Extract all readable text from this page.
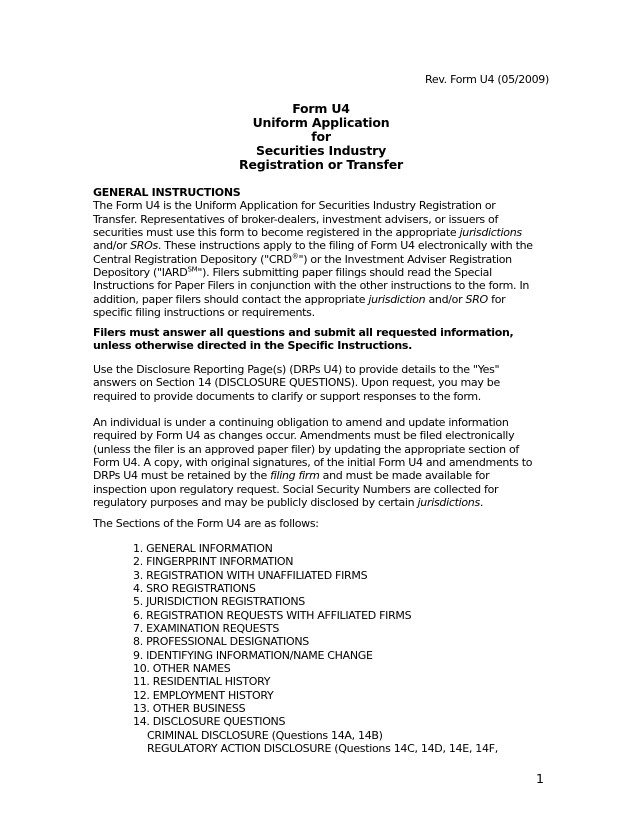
Rev. Form U4 (05/2009)
Form U4
Uniform Application
for
Securities Industry
Registration or Transfer
GENERAL INSTRUCTIONS
The Form U4 is the Uniform Application for Securities Industry Registration or
Transfer. Representatives of broker-dealers, investment advisers, or issuers of
securities must use this form to become registered in the appropriate jurisdictions
and/or SROs. These instructions apply to the filing of Form U4 electronically with the
Central Registration Depository ("CRD®") or the Investment Adviser Registration
Depository ("IARD℠"). Filers submitting paper filings should read the Special
Instructions for Paper Filers in conjunction with the other instructions to the form. In
addition, paper filers should contact the appropriate jurisdiction and/or SRO for
specific filing instructions or requirements.
Filers must answer all questions and submit all requested information,
unless otherwise directed in the Specific Instructions.
Use the Disclosure Reporting Page(s) (DRPs U4) to provide details to the "Yes"
answers on Section 14 (DISCLOSURE QUESTIONS). Upon request, you may be
required to provide documents to clarify or support responses to the form.
An individual is under a continuing obligation to amend and update information
required by Form U4 as changes occur. Amendments must be filed electronically
(unless the filer is an approved paper filer) by updating the appropriate section of
Form U4. A copy, with original signatures, of the initial Form U4 and amendments to
DRPs U4 must be retained by the filing firm and must be made available for
inspection upon regulatory request. Social Security Numbers are collected for
regulatory purposes and may be publicly disclosed by certain jurisdictions.
The Sections of the Form U4 are as follows:
1. GENERAL INFORMATION
2. FINGERPRINT INFORMATION
3. REGISTRATION WITH UNAFFILIATED FIRMS
4. SRO REGISTRATIONS
5. JURISDICTION REGISTRATIONS
6. REGISTRATION REQUESTS WITH AFFILIATED FIRMS
7. EXAMINATION REQUESTS
8. PROFESSIONAL DESIGNATIONS
9. IDENTIFYING INFORMATION/NAME CHANGE
10. OTHER NAMES
11. RESIDENTIAL HISTORY
12. EMPLOYMENT HISTORY
13. OTHER BUSINESS
14. DISCLOSURE QUESTIONS
CRIMINAL DISCLOSURE (Questions 14A, 14B)
REGULATORY ACTION DISCLOSURE (Questions 14C, 14D, 14E, 14F,
1
